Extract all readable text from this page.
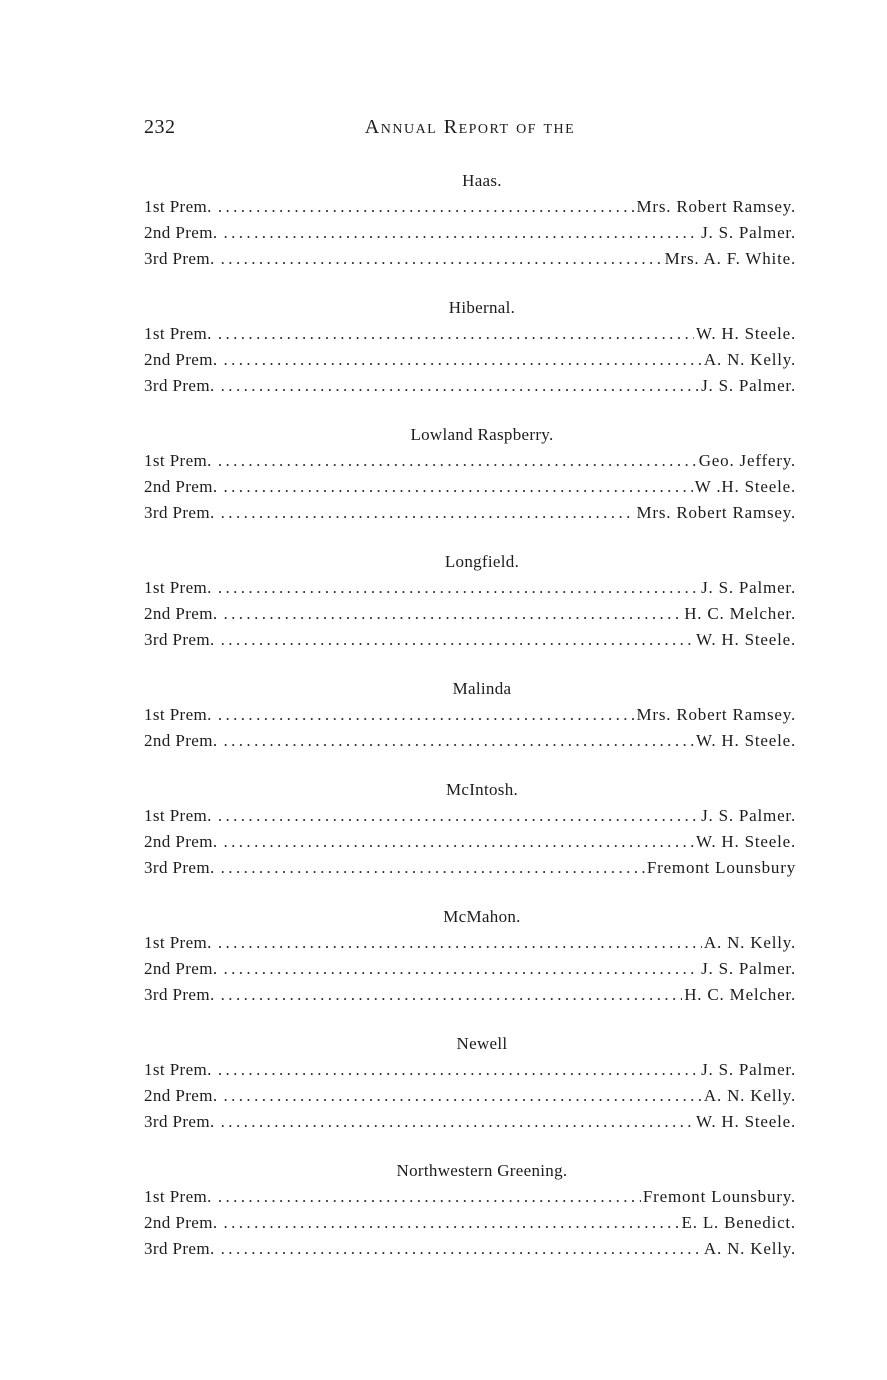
232	Annual Report of the
Haas.
1st Prem. .....	Mrs. Robert Ramsey.
2nd Prem. .....	J. S. Palmer.
3rd Prem. .....	Mrs. A. F. White.
Hibernal.
1st Prem. .....	W. H. Steele.
2nd Prem. .....	A. N. Kelly.
3rd Prem. .....	J. S. Palmer.
Lowland Raspberry.
1st Prem. .....	Geo. Jeffery.
2nd Prem. .....	W .H. Steele.
3rd Prem. .....	Mrs. Robert Ramsey.
Longfield.
1st Prem. .....	J. S. Palmer.
2nd Prem. .....	H. C. Melcher.
3rd Prem. .....	W. H. Steele.
Malinda
1st Prem. .....	Mrs. Robert Ramsey.
2nd Prem. .....	W. H. Steele.
McIntosh.
1st Prem. .....	J. S. Palmer.
2nd Prem. .....	W. H. Steele.
3rd Prem. .....	Fremont Lounsbury
McMahon.
1st Prem. .....	A. N. Kelly.
2nd Prem. .....	J. S. Palmer.
3rd Prem. .....	H. C. Melcher.
Newell
1st Prem. .....	J. S. Palmer.
2nd Prem. .....	A. N. Kelly.
3rd Prem. .....	W. H. Steele.
Northwestern Greening.
1st Prem. .....	Fremont Lounsbury.
2nd Prem. .....	E. L. Benedict.
3rd Prem. .....	A. N. Kelly.
